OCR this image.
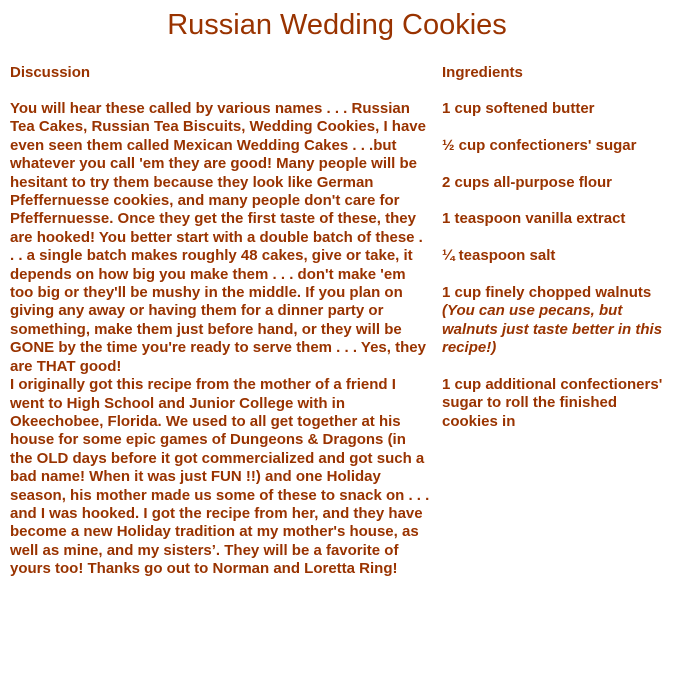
Russian Wedding Cookies

Discussion

You will hear these called by various names . . . Russian Tea Cakes, Russian Tea Biscuits, Wedding Cookies, I have even seen them called Mexican Wedding Cakes . . .but whatever you call 'em they are good! Many people will be hesitant to try them because they look like German Pfeffernuesse cookies, and many people don't care for Pfeffernuesse. Once they get the first taste of these, they are hooked! You better start with a double batch of these . . . a single batch makes roughly 48 cakes, give or take, it depends on how big you make them . . . don't make 'em too big or they'll be mushy in the middle. If you plan on giving any away or having them for a dinner party or something, make them just before hand, or they will be GONE by the time you're ready to serve them . . . Yes, they are THAT good!

I originally got this recipe from the mother of a friend I went to High School and Junior College with in Okeechobee, Florida. We used to all get together at his house for some epic games of Dungeons & Dragons (in the OLD days before it got commercialized and got such a bad name! When it was just FUN !!) and one Holiday season, his mother made us some of these to snack on . . . and I was hooked. I got the recipe from her, and they have become a new Holiday tradition at my mother's house, as well as mine, and my sisters’. They will be a favorite of yours too! Thanks go out to Norman and Loretta Ring!

Ingredients

1 cup softened butter

½ cup confectioners' sugar

2 cups all-purpose flour

1 teaspoon vanilla extract

¼ teaspoon salt

1 cup finely chopped walnuts
(You can use pecans, but walnuts just taste better in this recipe!)

1 cup additional confectioners' sugar to roll the finished cookies in
